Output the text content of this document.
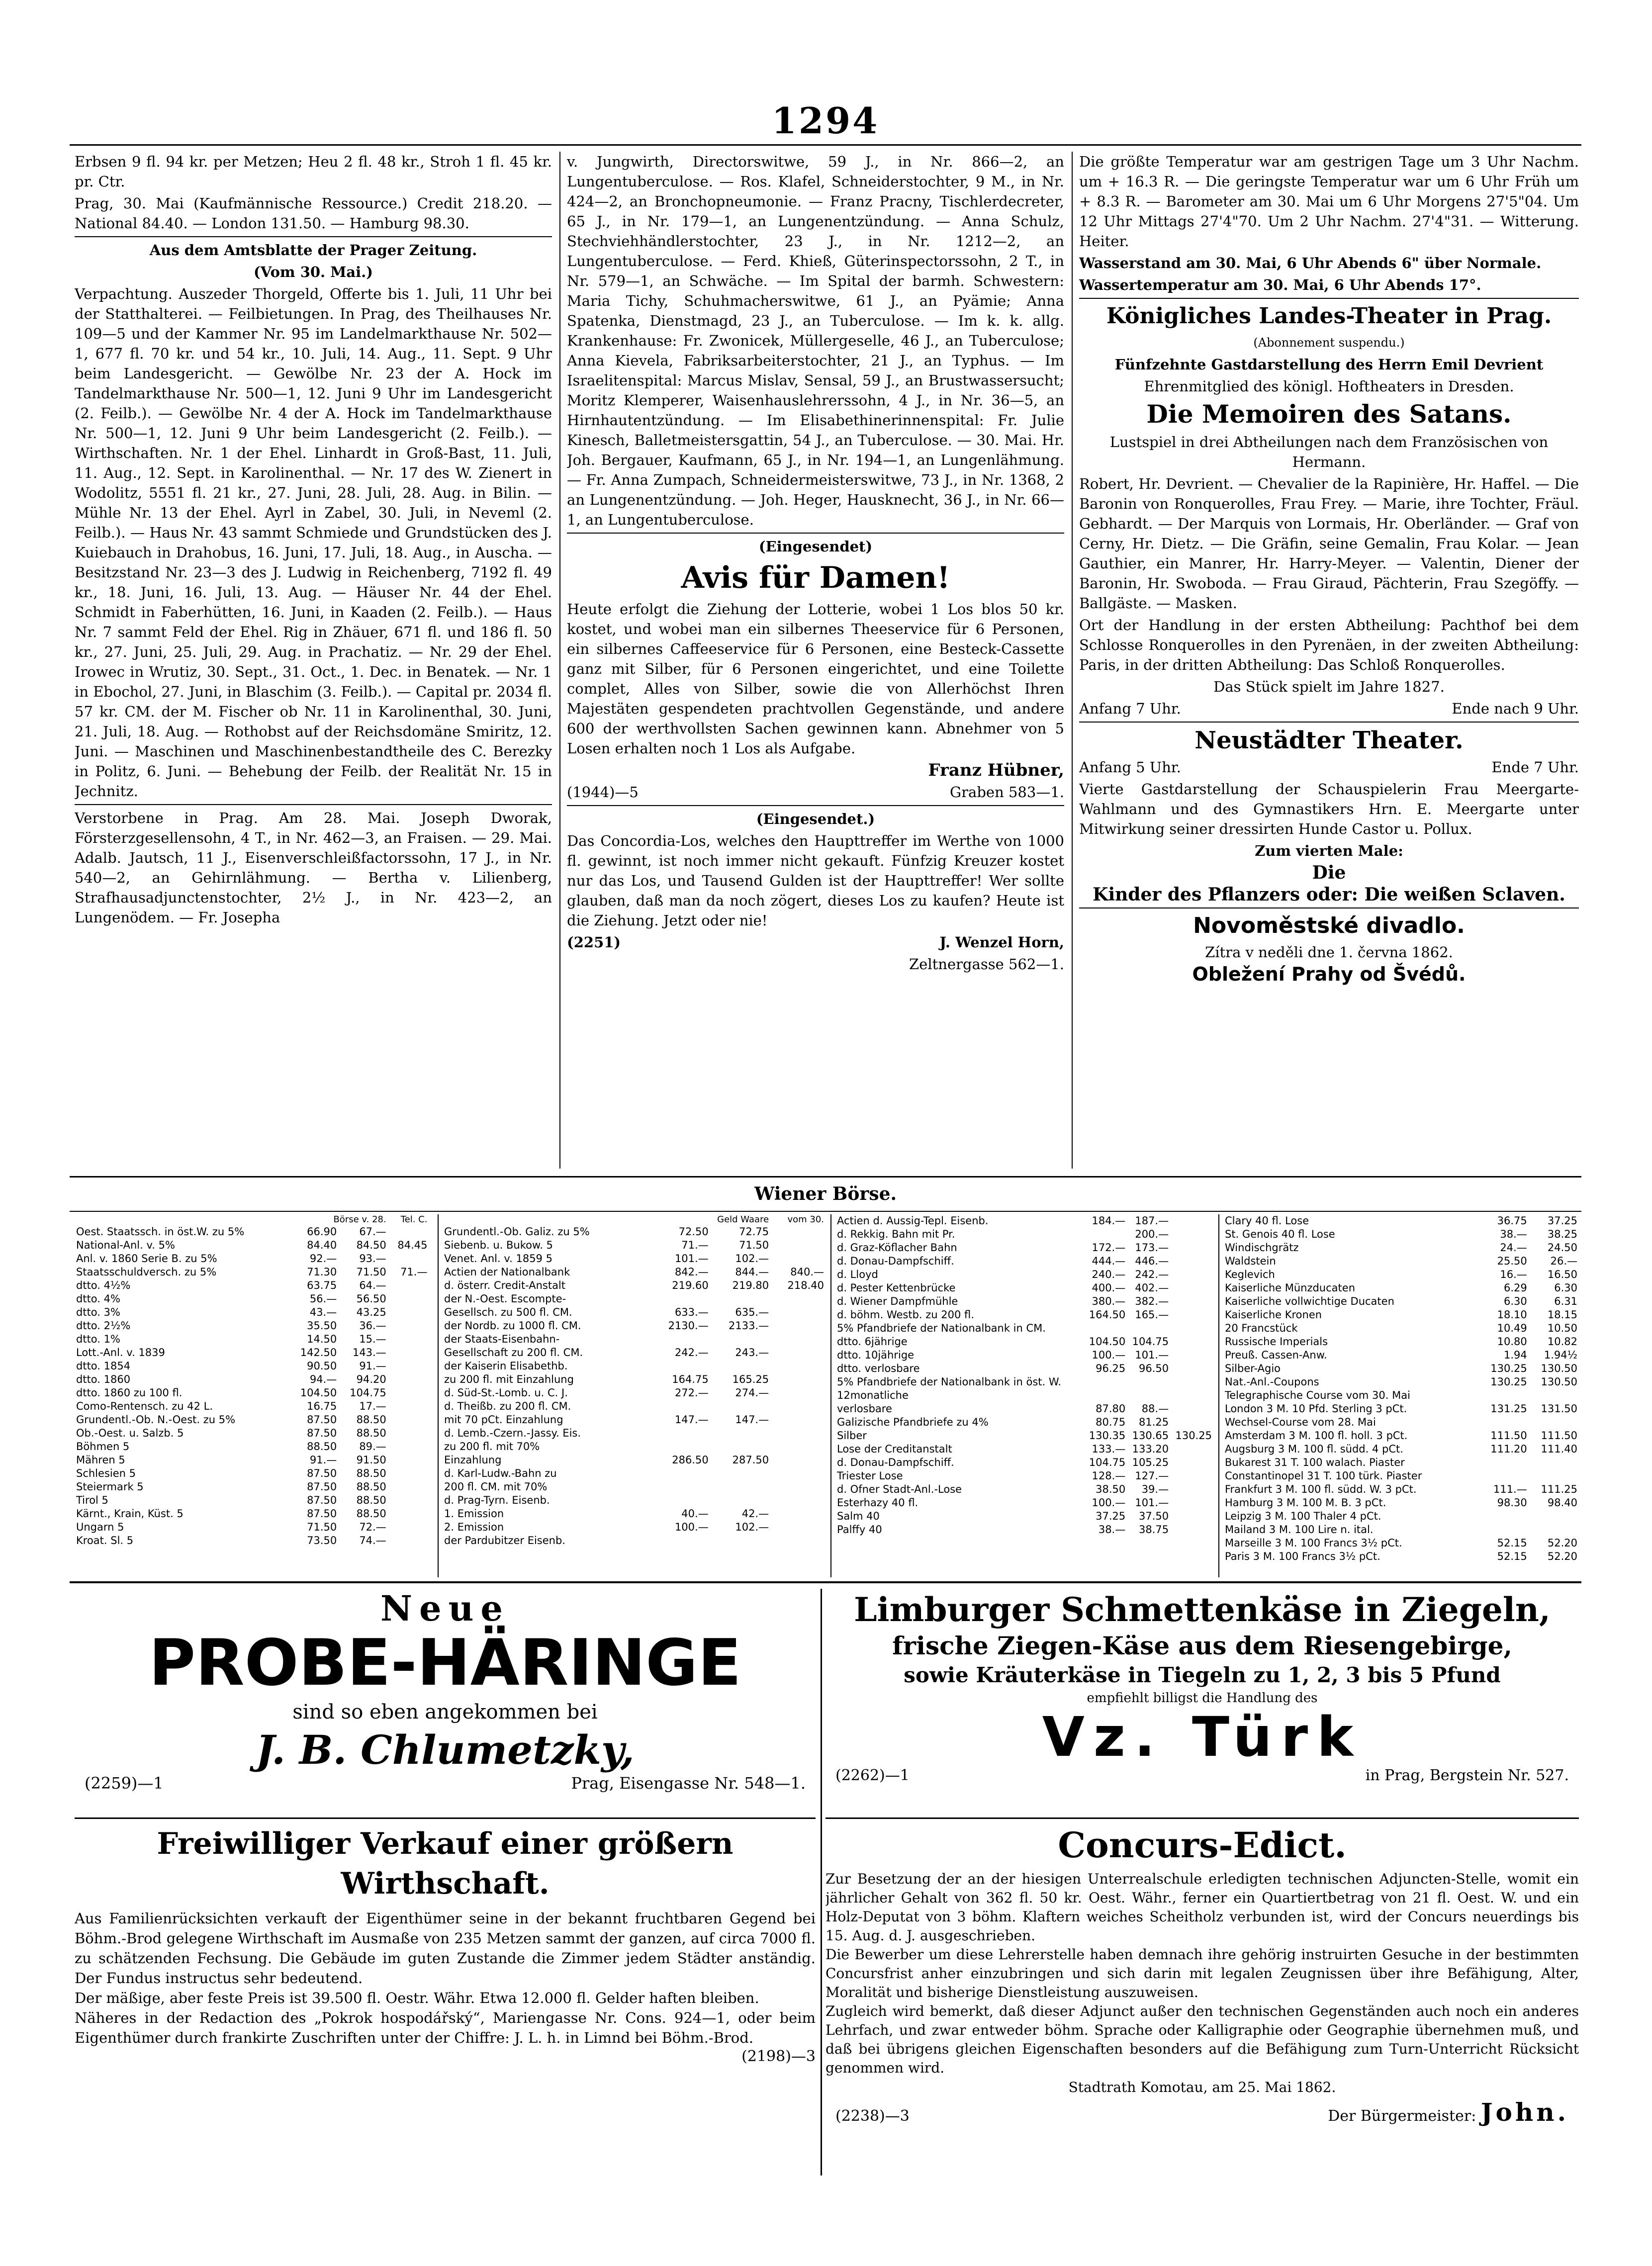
1294

Erbsen 9 fl. 94 kr. per Metzen; Heu 2 fl. 48 kr., Stroh 1 fl. 45 kr. pr. Ctr.

Prag, 30. Mai (Kaufmännische Ressource.) Credit 218.20. — National 84.40. — London 131.50. — Hamburg 98.30.

Aus dem Amtsblatte der Prager Zeitung.

(Vom 30. Mai.)

Verpachtung. Auszeder Thorgeld, Offerte bis 1. Juli, 11 Uhr bei der Statthalterei. — Feilbietungen. In Prag, des Theilhauses Nr. 109—5 und der Kammer Nr. 95 im Landelmarkthause Nr. 502—1, 677 fl. 70 kr. und 54 kr., 10. Juli, 14. Aug., 11. Sept. 9 Uhr beim Landesgericht. — Gewölbe Nr. 23 der A. Hock im Tandelmarkthause Nr. 500—1, 12. Juni 9 Uhr im Landesgericht (2. Feilb.). — Gewölbe Nr. 4 der A. Hock im Tandelmarkthause Nr. 500—1, 12. Juni 9 Uhr beim Landesgericht (2. Feilb.). — Wirthschaften. Nr. 1 der Ehel. Linhardt in Groß-Bast, 11. Juli, 11. Aug., 12. Sept. in Karolinenthal. — Nr. 17 des W. Zienert in Wodolitz, 5551 fl. 21 kr., 27. Juni, 28. Juli, 28. Aug. in Bilin. — Mühle Nr. 13 der Ehel. Ayrl in Zabel, 30. Juli, in Neveml (2. Feilb.). — Haus Nr. 43 sammt Schmiede und Grundstücken des J. Kuiebauch in Drahobus, 16. Juni, 17. Juli, 18. Aug., in Auscha. — Besitzstand Nr. 23—3 des J. Ludwig in Reichenberg, 7192 fl. 49 kr., 18. Juni, 16. Juli, 13. Aug. — Häuser Nr. 44 der Ehel. Schmidt in Faberhütten, 16. Juni, in Kaaden (2. Feilb.). — Haus Nr. 7 sammt Feld der Ehel. Rig in Zhäuer, 671 fl. und 186 fl. 50 kr., 27. Juni, 25. Juli, 29. Aug. in Prachatiz. — Nr. 29 der Ehel. Irowec in Wrutiz, 30. Sept., 31. Oct., 1. Dec. in Benatek. — Nr. 1 in Ebochol, 27. Juni, in Blaschim (3. Feilb.). — Capital pr. 2034 fl. 57 kr. CM. der M. Fischer ob Nr. 11 in Karolinenthal, 30. Juni, 21. Juli, 18. Aug. — Rothobst auf der Reichsdomäne Smiritz, 12. Juni. — Maschinen und Maschinenbestandtheile des C. Berezky in Politz, 6. Juni. — Behebung der Feilb. der Realität Nr. 15 in Jechnitz.

Verstorbene in Prag. Am 28. Mai. Joseph Dworak, Försterzgesellensohn, 4 T., in Nr. 462—3, an Fraisen. — 29. Mai. Adalb. Jautsch, 11 J., Eisenverschleißfactorssohn, 17 J., in Nr. 540—2, an Gehirnlähmung. — Bertha v. Lilienberg, Strafhausadjunctenstochter, 2½ J., in Nr. 423—2, an Lungenödem. — Fr. Josepha

v. Jungwirth, Directorswitwe, 59 J., in Nr. 866—2, an Lungentuberculose. — Ros. Klafel, Schneiderstochter, 9 M., in Nr. 424—2, an Bronchopneumonie. — Franz Pracny, Tischlerdecreter, 65 J., in Nr. 179—1, an Lungenentzündung. — Anna Schulz, Stechviehhändlerstochter, 23 J., in Nr. 1212—2, an Lungentuberculose. — Ferd. Khieß, Güterinspectorssohn, 2 T., in Nr. 579—1, an Schwäche. — Im Spital der barmh. Schwestern: Maria Tichy, Schuhmacherswitwe, 61 J., an Pyämie; Anna Spatenka, Dienstmagd, 23 J., an Tuberculose. — Im k. k. allg. Krankenhause: Fr. Zwonicek, Müllergeselle, 46 J., an Tuberculose; Anna Kievela, Fabriksarbeiterstochter, 21 J., an Typhus. — Im Israelitenspital: Marcus Mislav, Sensal, 59 J., an Brustwassersucht; Moritz Klemperer, Waisenhauslehrerssohn, 4 J., in Nr. 36—5, an Hirnhautentzündung. — Im Elisabethinerinnenspital: Fr. Julie Kinesch, Balletmeistersgattin, 54 J., an Tuberculose. — 30. Mai. Hr. Joh. Bergauer, Kaufmann, 65 J., in Nr. 194—1, an Lungenlähmung. — Fr. Anna Zumpach, Schneidermeisterswitwe, 73 J., in Nr. 1368, 2 an Lungenentzündung. — Joh. Heger, Hausknecht, 36 J., in Nr. 66—1, an Lungentuberculose.

(Eingesendet)

Avis für Damen!

Heute erfolgt die Ziehung der Lotterie, wobei 1 Los blos 50 kr. kostet, und wobei man ein silbernes Theeservice für 6 Personen, ein silbernes Caffeeservice für 6 Personen, eine Besteck-Cassette ganz mit Silber, für 6 Personen eingerichtet, und eine Toilette complet, Alles von Silber, sowie die von Allerhöchst Ihren Majestäten gespendeten prachtvollen Gegenstände, und andere 600 der werthvollsten Sachen gewinnen kann. Abnehmer von 5 Losen erhalten noch 1 Los als Aufgabe.

Franz Hübner,

(1944)—5	Graben 583—1.

(Eingesendet.)

Das Concordia-Los, welches den Haupttreffer im Werthe von 1000 fl. gewinnt, ist noch immer nicht gekauft. Fünfzig Kreuzer kostet nur das Los, und Tausend Gulden ist der Haupttreffer! Wer sollte glauben, daß man da noch zögert, dieses Los zu kaufen? Heute ist die Ziehung. Jetzt oder nie!

(2251)	J. Wenzel Horn,

Zeltnergasse 562—1.

Die größte Temperatur war am gestrigen Tage um 3 Uhr Nachm. um + 16.3 R. — Die geringste Temperatur war um 6 Uhr Früh um + 8.3 R. — Barometer am 30. Mai um 6 Uhr Morgens 27'5"04. Um 12 Uhr Mittags 27'4"70. Um 2 Uhr Nachm. 27'4"31. — Witterung. Heiter.

Wasserstand am 30. Mai, 6 Uhr Abends 6" über Normale.

Wassertemperatur am 30. Mai, 6 Uhr Abends 17°.

Königliches Landes-Theater in Prag.

(Abonnement suspendu.)

Fünfzehnte Gastdarstellung des Herrn Emil Devrient

Ehrenmitglied des königl. Hoftheaters in Dresden.

Die Memoiren des Satans.

Lustspiel in drei Abtheilungen nach dem Französischen von Hermann.

Robert, Hr. Devrient. — Chevalier de la Rapinière, Hr. Haffel. — Die Baronin von Ronquerolles, Frau Frey. — Marie, ihre Tochter, Fräul. Gebhardt. — Der Marquis von Lormais, Hr. Oberländer. — Graf von Cerny, Hr. Dietz. — Die Gräfin, seine Gemalin, Frau Kolar. — Jean Gauthier, ein Manrer, Hr. Harry-Meyer. — Valentin, Diener der Baronin, Hr. Swoboda. — Frau Giraud, Pächterin, Frau Szegöffy. — Ballgäste. — Masken.

Ort der Handlung in der ersten Abtheilung: Pachthof bei dem Schlosse Ronquerolles in den Pyrenäen, in der zweiten Abtheilung: Paris, in der dritten Abtheilung: Das Schloß Ronquerolles.

Das Stück spielt im Jahre 1827.

Anfang 7 Uhr.	Ende nach 9 Uhr.

Neustädter Theater.

Anfang 5 Uhr.	Ende 7 Uhr.

Vierte Gastdarstellung der Schauspielerin Frau Meergarte-Wahlmann und des Gymnastikers Hrn. E. Meergarte unter Mitwirkung seiner dressirten Hunde Castor u. Pollux.

Zum vierten Male:

Die

Kinder des Pflanzers oder: Die weißen Sclaven.

Novoměstské divadlo.

Zítra v neděli dne 1. června 1862.

Obležení Prahy od Švédů.

Wiener Börse.
	Börse v. 28.		Tel. C.	
Oest. Staatssch. in öst.W. zu 5%	66.90	67.—		
National-Anl. v. 5%	84.40	84.50	84.45	
Anl. v. 1860 Serie B. zu 5%	92.—	93.—		
Staatsschuldversch. zu 5%	71.30	71.50	71.—	
dtto. 4½%	63.75	64.—		
dtto. 4%	56.—	56.50		
dtto. 3%	43.—	43.25		
dtto. 2½%	35.50	36.—		
dtto. 1%	14.50	15.—		
Lott.-Anl. v. 1839	142.50	143.—		
dtto. 1854	90.50	91.—		
dtto. 1860	94.—	94.20		
dtto. 1860 zu 100 fl.	104.50	104.75		
Como-Rentensch. zu 42 L.	16.75	17.—		
Grundentl.-Ob. N.-Oest. zu 5%	87.50	88.50		
Ob.-Oest. u. Salzb. 5	87.50	88.50		
Böhmen 5	88.50	89.—		
Mähren 5	91.—	91.50		
Schlesien 5	87.50	88.50		
Steiermark 5	87.50	88.50		
Tirol 5	87.50	88.50		
Kärnt., Krain, Küst. 5	87.50	88.50		
Ungarn 5	71.50	72.—		
Kroat. Sl. 5	73.50	74.—		
	Geld Waare		vom 30.
Grundentl.-Ob. Galiz. zu 5%	72.50	72.75	
Siebenb. u. Bukow. 5	71.—	71.50	
Venet. Anl. v. 1859 5	101.—	102.—	
Actien der Nationalbank	842.—	844.—	840.—
d. österr. Credit-Anstalt	219.60	219.80	218.40
der N.-Oest. Escompte-			
Gesellsch. zu 500 fl. CM.	633.—	635.—	
der Nordb. zu 1000 fl. CM.	2130.—	2133.—	
der Staats-Eisenbahn-			
Gesellschaft zu 200 fl. CM.	242.—	243.—	
der Kaiserin Elisabethb.			
zu 200 fl. mit Einzahlung	164.75	165.25	
d. Süd-St.-Lomb. u. C. J.	272.—	274.—	
d. Theißb. zu 200 fl. CM.			
mit 70 pCt. Einzahlung	147.—	147.—	
d. Lemb.-Czern.-Jassy. Eis.			
zu 200 fl. mit 70%			
Einzahlung	286.50	287.50	
d. Karl-Ludw.-Bahn zu			
200 fl. CM. mit 70%			
d. Prag-Tyrn. Eisenb.			
1. Emission	40.—	42.—	
2. Emission	100.—	102.—	
der Pardubitzer Eisenb.			

Actien d. Aussig-Tepl. Eisenb.	184.—	187.—	
d. Rekkig. Bahn mit Pr.		200.—	
d. Graz-Köflacher Bahn	172.—	173.—	
d. Donau-Dampfschiff.	444.—	446.—	
d. Lloyd	240.—	242.—	
d. Pester Kettenbrücke	400.—	402.—	
d. Wiener Dampfmühle	380.—	382.—	
d. böhm. Westb. zu 200 fl.	164.50	165.—	
5% Pfandbriefe der Nationalbank in CM.			
dtto. 6jährige	104.50	104.75	
dtto. 10jährige	100.—	101.—	
dtto. verlosbare	96.25	96.50	
5% Pfandbriefe der Nationalbank in öst. W.			
12monatliche			
verlosbare	87.80	88.—	
Galizische Pfandbriefe zu 4%	80.75	81.25	
Silber	130.35	130.65	130.25
Lose der Creditanstalt	133.—	133.20	
d. Donau-Dampfschiff.	104.75	105.25	
Triester Lose	128.—	127.—	
d. Ofner Stadt-Anl.-Lose	38.50	39.—	
Esterhazy 40 fl.	100.—	101.—	
Salm 40	37.25	37.50	
Palffy 40	38.—	38.75	

Clary 40 fl. Lose	36.75	37.25
St. Genois 40 fl. Lose	38.—	38.25
Windischgrätz	24.—	24.50
Waldstein	25.50	26.—
Keglevich	16.—	16.50
Kaiserliche Münzducaten	6.29	6.30
Kaiserliche vollwichtige Ducaten	6.30	6.31
Kaiserliche Kronen	18.10	18.15
20 Francstück	10.49	10.50
Russische Imperials	10.80	10.82
Preuß. Cassen-Anw.	1.94	1.94½
Silber-Agio	130.25	130.50
Nat.-Anl.-Coupons	130.25	130.50
Telegraphische Course vom 30. Mai		
London 3 M. 10 Pfd. Sterling 3 pCt.	131.25	131.50
Wechsel-Course vom 28. Mai		
Amsterdam 3 M. 100 fl. holl. 3 pCt.	111.50	111.50
Augsburg 3 M. 100 fl. südd. 4 pCt.	111.20	111.40
Bukarest 31 T. 100 walach. Piaster		
Constantinopel 31 T. 100 türk. Piaster		
Frankfurt 3 M. 100 fl. südd. W. 3 pCt.	111.—	111.25
Hamburg 3 M. 100 M. B. 3 pCt.	98.30	98.40
Leipzig 3 M. 100 Thaler 4 pCt.		
Mailand 3 M. 100 Lire n. ital.		
Marseille 3 M. 100 Francs 3½ pCt.	52.15	52.20
Paris 3 M. 100 Francs 3½ pCt.	52.15	52.20
Neue
PROBE-HÄRINGE
sind so eben angekommen bei
J. B. Chlumetzky,
(2259)—1	Prag, Eisengasse Nr. 548—1.
Limburger Schmettenkäse in Ziegeln,
frische Ziegen-Käse aus dem Riesengebirge,
sowie Kräuterkäse in Tiegeln zu 1, 2, 3 bis 5 Pfund
empfiehlt billigst die Handlung des
Vz. Türk
(2262)—1	in Prag, Bergstein Nr. 527.
Freiwilliger Verkauf einer größern Wirthschaft.
Aus Familienrücksichten verkauft der Eigenthümer seine in der bekannt fruchtbaren Gegend bei Böhm.-Brod gelegene Wirthschaft im Ausmaße von 235 Metzen sammt der ganzen, auf circa 7000 fl. zu schätzenden Fechsung. Die Gebäude im guten Zustande die Zimmer jedem Städter anständig. Der Fundus instructus sehr bedeutend.
Der mäßige, aber feste Preis ist 39.500 fl. Oestr. Währ. Etwa 12.000 fl. Gelder haften bleiben.
Näheres in der Redaction des „Pokrok hospodářský“, Mariengasse Nr. Cons. 924—1, oder beim Eigenthümer durch frankirte Zuschriften unter der Chiffre: J. L. h. in Limnd bei Böhm.-Brod.
(2198)—3
Concurs-Edict.
Zur Besetzung der an der hiesigen Unterrealschule erledigten technischen Adjuncten-Stelle, womit ein jährlicher Gehalt von 362 fl. 50 kr. Oest. Währ., ferner ein Quartiertbetrag von 21 fl. Oest. W. und ein Holz-Deputat von 3 böhm. Klaftern weiches Scheitholz verbunden ist, wird der Concurs neuerdings bis 15. Aug. d. J. ausgeschrieben.
Die Bewerber um diese Lehrerstelle haben demnach ihre gehörig instruirten Gesuche in der bestimmten Concursfrist anher einzubringen und sich darin mit legalen Zeugnissen über ihre Befähigung, Alter, Moralität und bisherige Dienstleistung auszuweisen.
Zugleich wird bemerkt, daß dieser Adjunct außer den technischen Gegenständen auch noch ein anderes Lehrfach, und zwar entweder böhm. Sprache oder Kalligraphie oder Geographie übernehmen muß, und daß bei übrigens gleichen Eigenschaften besonders auf die Befähigung zum Turn-Unterricht Rücksicht genommen wird.
Stadtrath Komotau, am 25. Mai 1862.
(2238)—3	Der Bürgermeister: John.
